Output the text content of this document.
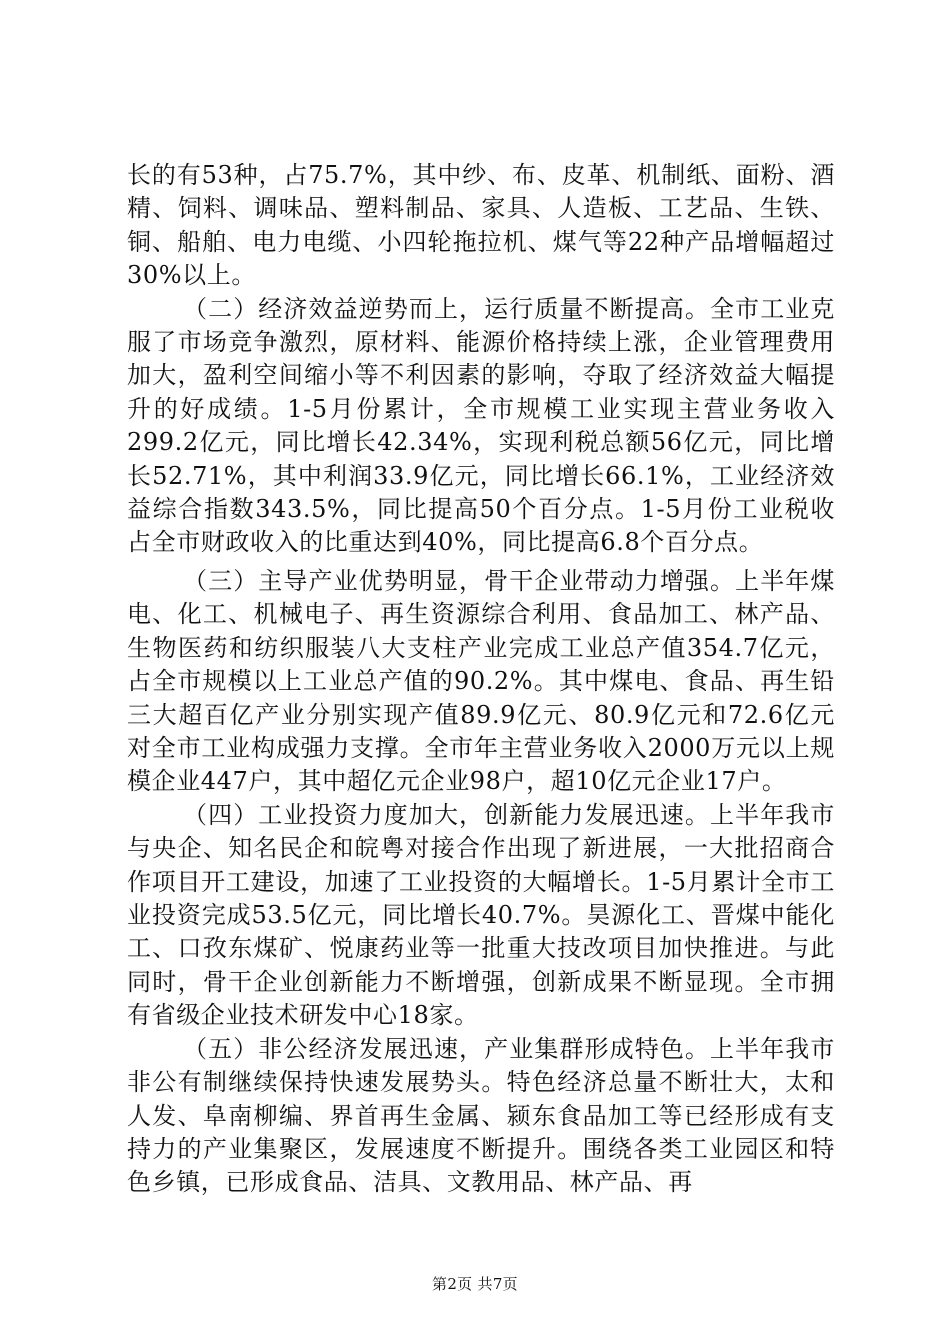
长的有53种，占75.7%，其中纱、布、皮革、机制纸、面粉、酒精、饲料、调味品、塑料制品、家具、人造板、工艺品、生铁、铜、船舶、电力电缆、小四轮拖拉机、煤气等22种产品增幅超过30%以上。

（二）经济效益逆势而上，运行质量不断提高。全市工业克服了市场竞争激烈，原材料、能源价格持续上涨，企业管理费用加大，盈利空间缩小等不利因素的影响，夺取了经济效益大幅提升的好成绩。1-5月份累计，全市规模工业实现主营业务收入299.2亿元，同比增长42.34%，实现利税总额56亿元，同比增长52.71%，其中利润33.9亿元，同比增长66.1%，工业经济效益综合指数343.5%，同比提高50个百分点。1-5月份工业税收占全市财政收入的比重达到40%，同比提高6.8个百分点。

（三）主导产业优势明显，骨干企业带动力增强。上半年煤电、化工、机械电子、再生资源综合利用、食品加工、林产品、生物医药和纺织服装八大支柱产业完成工业总产值354.7亿元，占全市规模以上工业总产值的90.2%。其中煤电、食品、再生铅三大超百亿产业分别实现产值89.9亿元、80.9亿元和72.6亿元对全市工业构成强力支撑。全市年主营业务收入2000万元以上规模企业447户，其中超亿元企业98户，超10亿元企业17户。

（四）工业投资力度加大，创新能力发展迅速。上半年我市与央企、知名民企和皖粤对接合作出现了新进展，一大批招商合作项目开工建设，加速了工业投资的大幅增长。1-5月累计全市工业投资完成53.5亿元，同比增长40.7%。昊源化工、晋煤中能化工、口孜东煤矿、悦康药业等一批重大技改项目加快推进。与此同时，骨干企业创新能力不断增强，创新成果不断显现。全市拥有省级企业技术研发中心18家。

（五）非公经济发展迅速，产业集群形成特色。上半年我市非公有制继续保持快速发展势头。特色经济总量不断壮大，太和人发、阜南柳编、界首再生金属、颍东食品加工等已经形成有支持力的产业集聚区，发展速度不断提升。围绕各类工业园区和特色乡镇，已形成食品、洁具、文教用品、林产品、再

第2页 共7页
